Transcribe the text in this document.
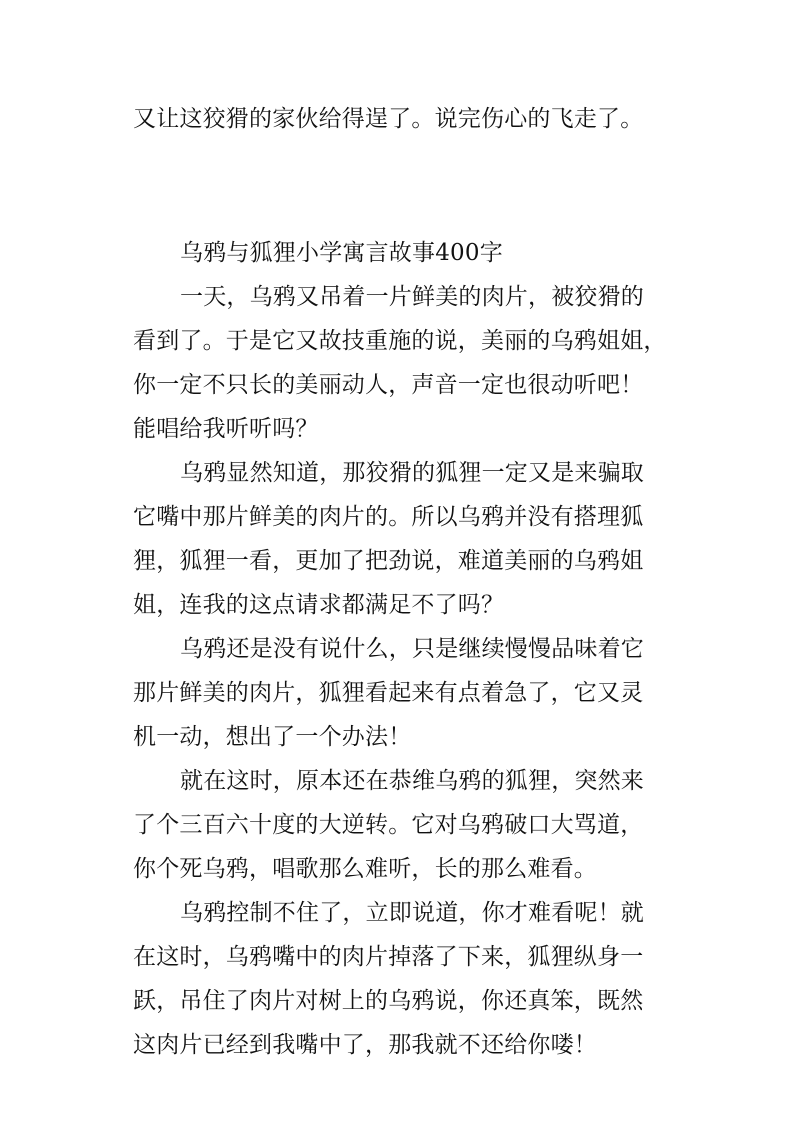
又让这狡猾的家伙给得逞了。说完伤心的飞走了。
乌鸦与狐狸小学寓言故事400字
一天，乌鸦又吊着一片鲜美的肉片，被狡猾的
看到了。于是它又故技重施的说，美丽的乌鸦姐姐，
你一定不只长的美丽动人，声音一定也很动听吧！
能唱给我听听吗？
乌鸦显然知道，那狡猾的狐狸一定又是来骗取
它嘴中那片鲜美的肉片的。所以乌鸦并没有搭理狐
狸，狐狸一看，更加了把劲说，难道美丽的乌鸦姐
姐，连我的这点请求都满足不了吗？
乌鸦还是没有说什么，只是继续慢慢品味着它
那片鲜美的肉片，狐狸看起来有点着急了，它又灵
机一动，想出了一个办法！
就在这时，原本还在恭维乌鸦的狐狸，突然来
了个三百六十度的大逆转。它对乌鸦破口大骂道，
你个死乌鸦，唱歌那么难听，长的那么难看。
乌鸦控制不住了，立即说道，你才难看呢！就
在这时，乌鸦嘴中的肉片掉落了下来，狐狸纵身一
跃，吊住了肉片对树上的乌鸦说，你还真笨，既然
这肉片已经到我嘴中了，那我就不还给你喽！
